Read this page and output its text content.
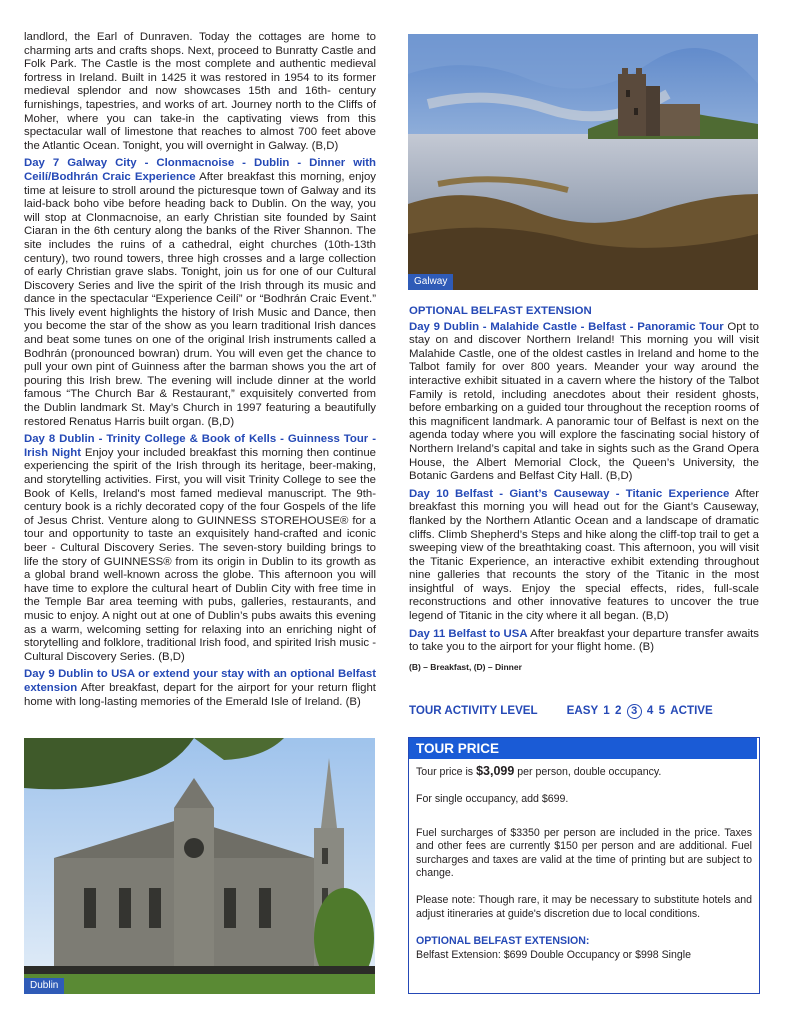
landlord, the Earl of Dunraven. Today the cottages are home to charming arts and crafts shops. Next, proceed to Bunratty Castle and Folk Park. The Castle is the most complete and authentic medieval fortress in Ireland. Built in 1425 it was restored in 1954 to its former medieval splendor and now showcases 15th and 16th- century furnishings, tapestries, and works of art. Journey north to the Cliffs of Moher, where you can take-in the captivating views from this spectacular wall of limestone that reaches to almost 700 feet above the Atlantic Ocean. Tonight, you will overnight in Galway. (B,D)

Day 7 Galway City - Clonmacnoise - Dublin - Dinner with Ceilí/Bodhrán Craic Experience After breakfast this morning, enjoy time at leisure to stroll around the picturesque town of Galway and its laid-back boho vibe before heading back to Dublin. On the way, you will stop at Clonmacnoise, an early Christian site founded by Saint Ciaran in the 6th century along the banks of the River Shannon. The site includes the ruins of a cathedral, eight churches (10th-13th century), two round towers, three high crosses and a large collection of early Christian grave slabs. Tonight, join us for one of our Cultural Discovery Series and live the spirit of the Irish through its music and dance in the spectacular “Experience Ceilí” or “Bodhrán Craic Event.” This lively event highlights the history of Irish Music and Dance, then you become the star of the show as you learn traditional Irish dances and beat some tunes on one of the original Irish instruments called a Bodhrán (pronounced bowran) drum. You will even get the chance to pull your own pint of Guinness after the barman shows you the art of pouring this Irish brew. The evening will include dinner at the world famous “The Church Bar & Restaurant,” exquisitely converted from the Dublin landmark St. May’s Church in 1997 featuring a beautifully restored Renatus Harris built organ. (B,D)

Day 8 Dublin - Trinity College & Book of Kells - Guinness Tour - Irish Night Enjoy your included breakfast this morning then continue experiencing the spirit of the Irish through its heritage, beer-making, and storytelling activities. First, you will visit Trinity College to see the Book of Kells, Ireland's most famed medieval manuscript. The 9th-century book is a richly decorated copy of the four Gospels of the life of Jesus Christ. Venture along to GUINNESS STOREHOUSE® for a tour and opportunity to taste an exquisitely hand-crafted and iconic beer - Cultural Discovery Series. The seven-story building brings to life the story of GUINNESS® from its origin in Dublin to its growth as a global brand well-known across the globe. This afternoon you will have time to explore the cultural heart of Dublin City with free time in the Temple Bar area teeming with pubs, galleries, restaurants, and music to enjoy. A night out at one of Dublin’s pubs awaits this evening as a warm, welcoming setting for relaxing into an enriching night of storytelling and folklore, traditional Irish food, and spirited Irish music - Cultural Discovery Series. (B,D)

Day 9 Dublin to USA or extend your stay with an optional Belfast extension After breakfast, depart for the airport for your return flight home with long-lasting memories of the Emerald Isle of Ireland. (B)

Galway
OPTIONAL BELFAST EXTENSION

Day 9 Dublin - Malahide Castle - Belfast - Panoramic Tour Opt to stay on and discover Northern Ireland! This morning you will visit Malahide Castle, one of the oldest castles in Ireland and home to the Talbot family for over 800 years. Meander your way around the interactive exhibit situated in a cavern where the history of the Talbot Family is retold, including anecdotes about their resident ghosts, before embarking on a guided tour throughout the reception rooms of this magnificent landmark. A panoramic tour of Belfast is next on the agenda today where you will explore the fascinating social history of Northern Ireland’s capital and take in sights such as the Grand Opera House, the Albert Memorial Clock, the Queen’s University, the Botanic Gardens and Belfast City Hall. (B,D)

Day 10 Belfast - Giant’s Causeway - Titanic Experience After breakfast this morning you will head out for the Giant’s Causeway, flanked by the Northern Atlantic Ocean and a landscape of dramatic cliffs. Climb Shepherd’s Steps and hike along the cliff-top trail to get a sweeping view of the breathtaking coast. This afternoon, you will visit the Titanic Experience, an interactive exhibit extending throughout nine galleries that recounts the story of the Titanic in the most insightful of ways. Enjoy the special effects, rides, full-scale reconstructions and other innovative features to uncover the true legend of Titanic in the city where it all began. (B,D)

Day 11 Belfast to USA After breakfast your departure transfer awaits to take you to the airport for your flight home. (B)

(B) – Breakfast, (D) – Dinner
TOUR ACTIVITY LEVEL	EASY 1 2 3 4 5 ACTIVE
Dublin
TOUR PRICE

Tour price is $3,099 per person, double occupancy.

For single occupancy, add $699.

Fuel surcharges of $3350 per person are included in the price. Taxes and other fees are currently $150 per person and are additional. Fuel surcharges and taxes are valid at the time of printing but are subject to change.

Please note: Though rare, it may be necessary to substitute hotels and adjust itineraries at guide's discretion due to local conditions.

OPTIONAL BELFAST EXTENSION:

Belfast Extension: $699 Double Occupancy or $998 Single
